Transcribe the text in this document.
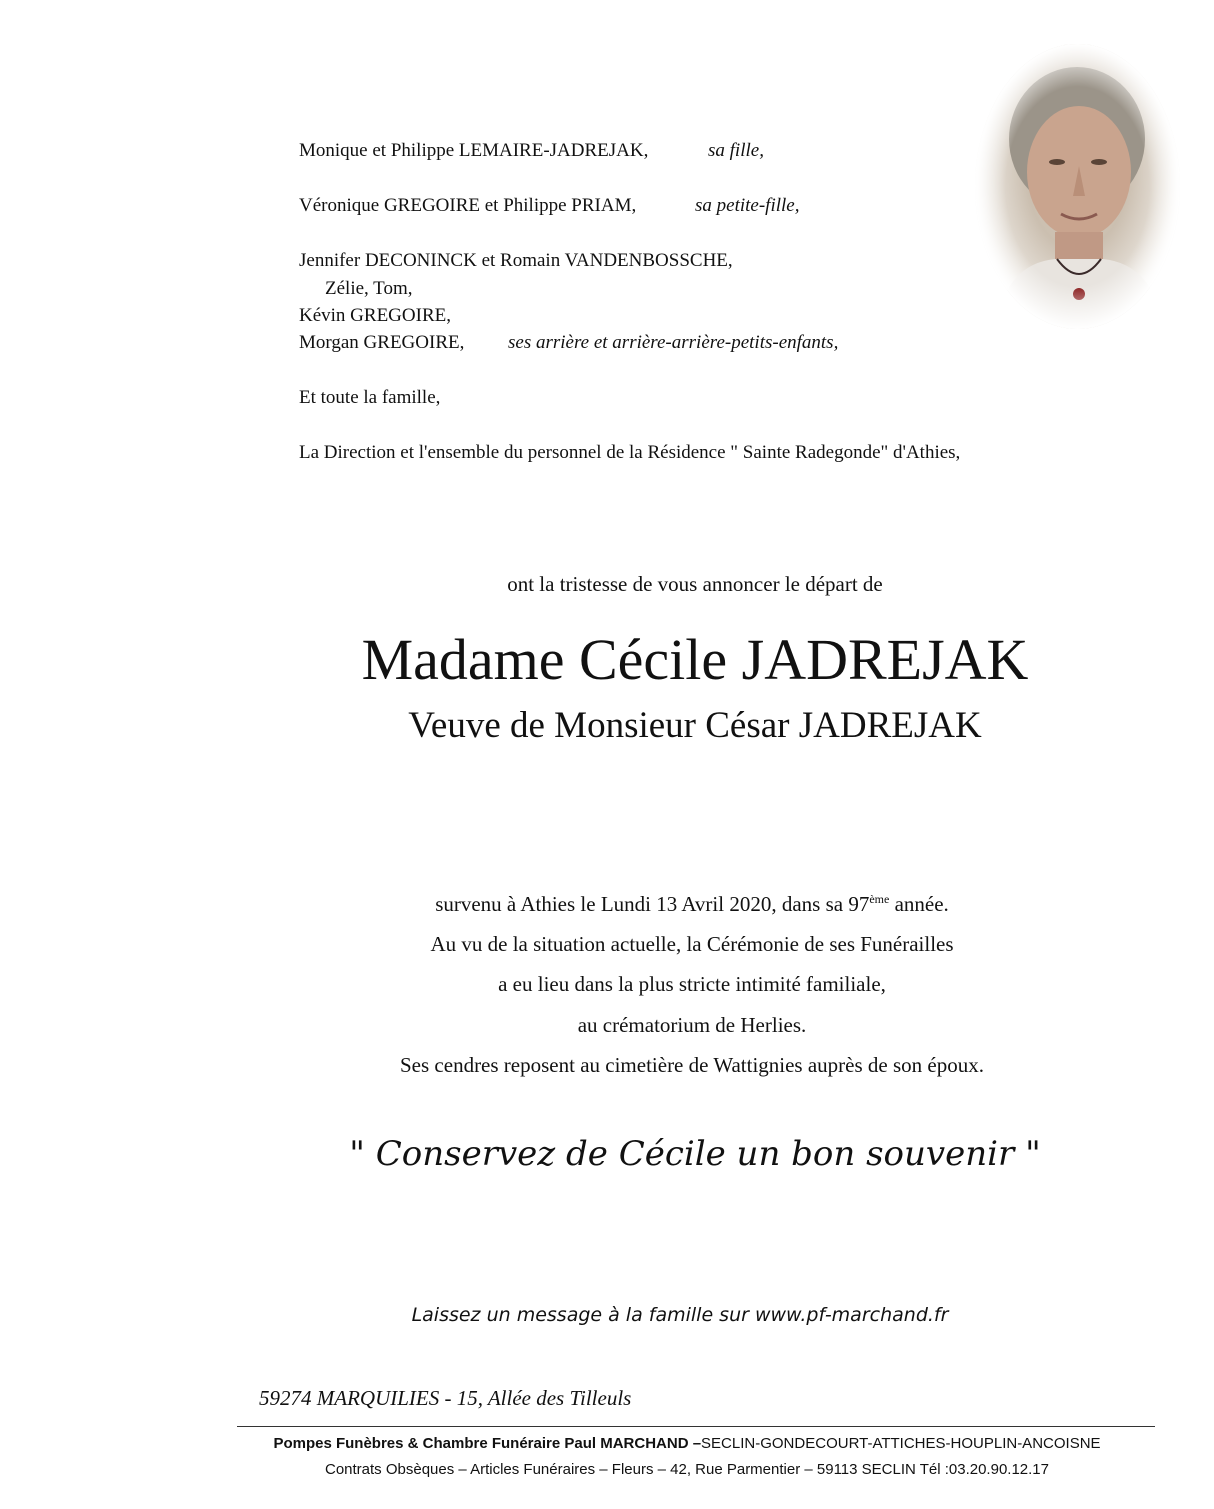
Monique et Philippe LEMAIRE-JADREJAK,	sa fille,
Véronique GREGOIRE et Philippe PRIAM,	sa petite-fille,
Jennifer DECONINCK et Romain VANDENBOSSCHE,
Zélie, Tom,
Kévin GREGOIRE,
Morgan GREGOIRE, ses arrière et arrière-arrière-petits-enfants,
Et toute la famille,
La Direction et l'ensemble du personnel de la Résidence " Sainte Radegonde" d'Athies,
ont la tristesse de vous annoncer le départ de
Madame Cécile JADREJAK
Veuve de Monsieur César JADREJAK
survenu à Athies le Lundi 13 Avril 2020, dans sa 97ème année.
Au vu de la situation actuelle, la Cérémonie de ses Funérailles
a eu lieu dans la plus stricte intimité familiale,
au crématorium de Herlies.
Ses cendres reposent au cimetière de Wattignies auprès de son époux.
" Conservez de Cécile un bon souvenir "
Laissez un message à la famille sur www.pf-marchand.fr
59274 MARQUILIES - 15, Allée des Tilleuls
Pompes Funèbres & Chambre Funéraire Paul MARCHAND –SECLIN-GONDECOURT-ATTICHES-HOUPLIN-ANCOISNE
Contrats Obsèques – Articles Funéraires – Fleurs – 42, Rue Parmentier – 59113 SECLIN Tél :03.20.90.12.17
